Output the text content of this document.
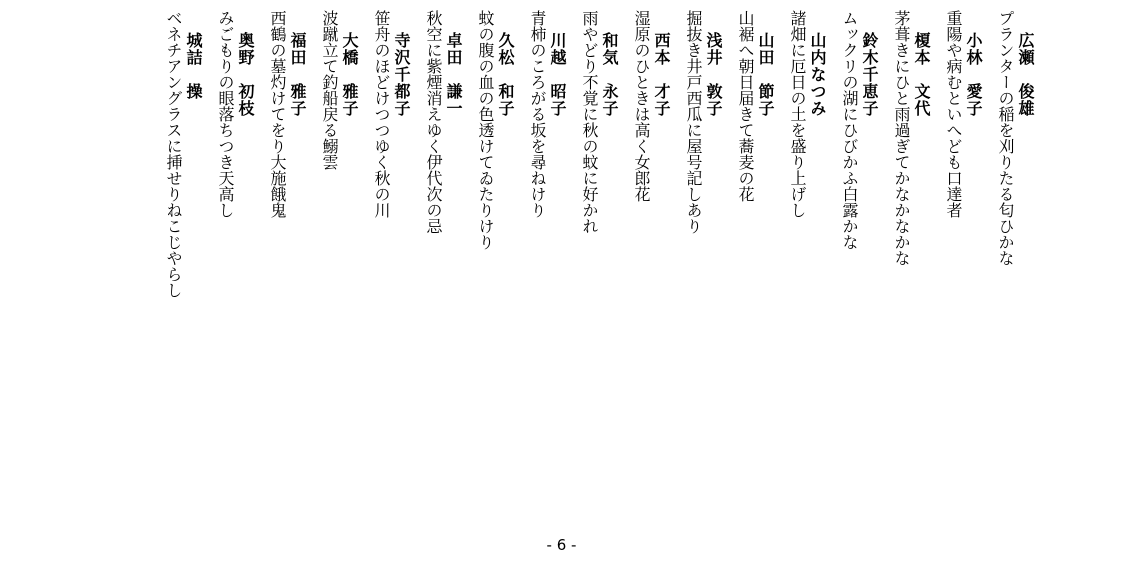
広瀬　俊雄
プランターの稲を刈りたる匂ひかな
小林　愛子
重陽や病むといへども口達者
榎本　文代
茅葺きにひと雨過ぎてかなかなかな
鈴木千恵子
ムックリの湖にひびかふ白露かな
山内なつみ
諸畑に厄日の土を盛り上げし
山田　節子
山裾へ朝日届きて蕎麦の花
浅井　敦子
掘抜き井戸西瓜に屋号記しあり
西本　才子
湿原のひときは高く女郎花
和気　永子
雨やどり不覚に秋の蚊に好かれ
川越　昭子
青柿のころがる坂を尋ねけり
久松　和子
蚊の腹の血の色透けてゐたりけり
卓田　謙一
秋空に紫煙消えゆく伊代次の忌
寺沢千都子
笹舟のほどけつつゆく秋の川
大橋　雅子
波蹴立て釣船戻る鰯雲
福田　雅子
西鶴の墓灼けてをり大施餓鬼
奥野　初枝
みごもりの眼落ちつき天高し
城詰　操
ベネチアングラスに挿せりねこじやらし
- 6 -
